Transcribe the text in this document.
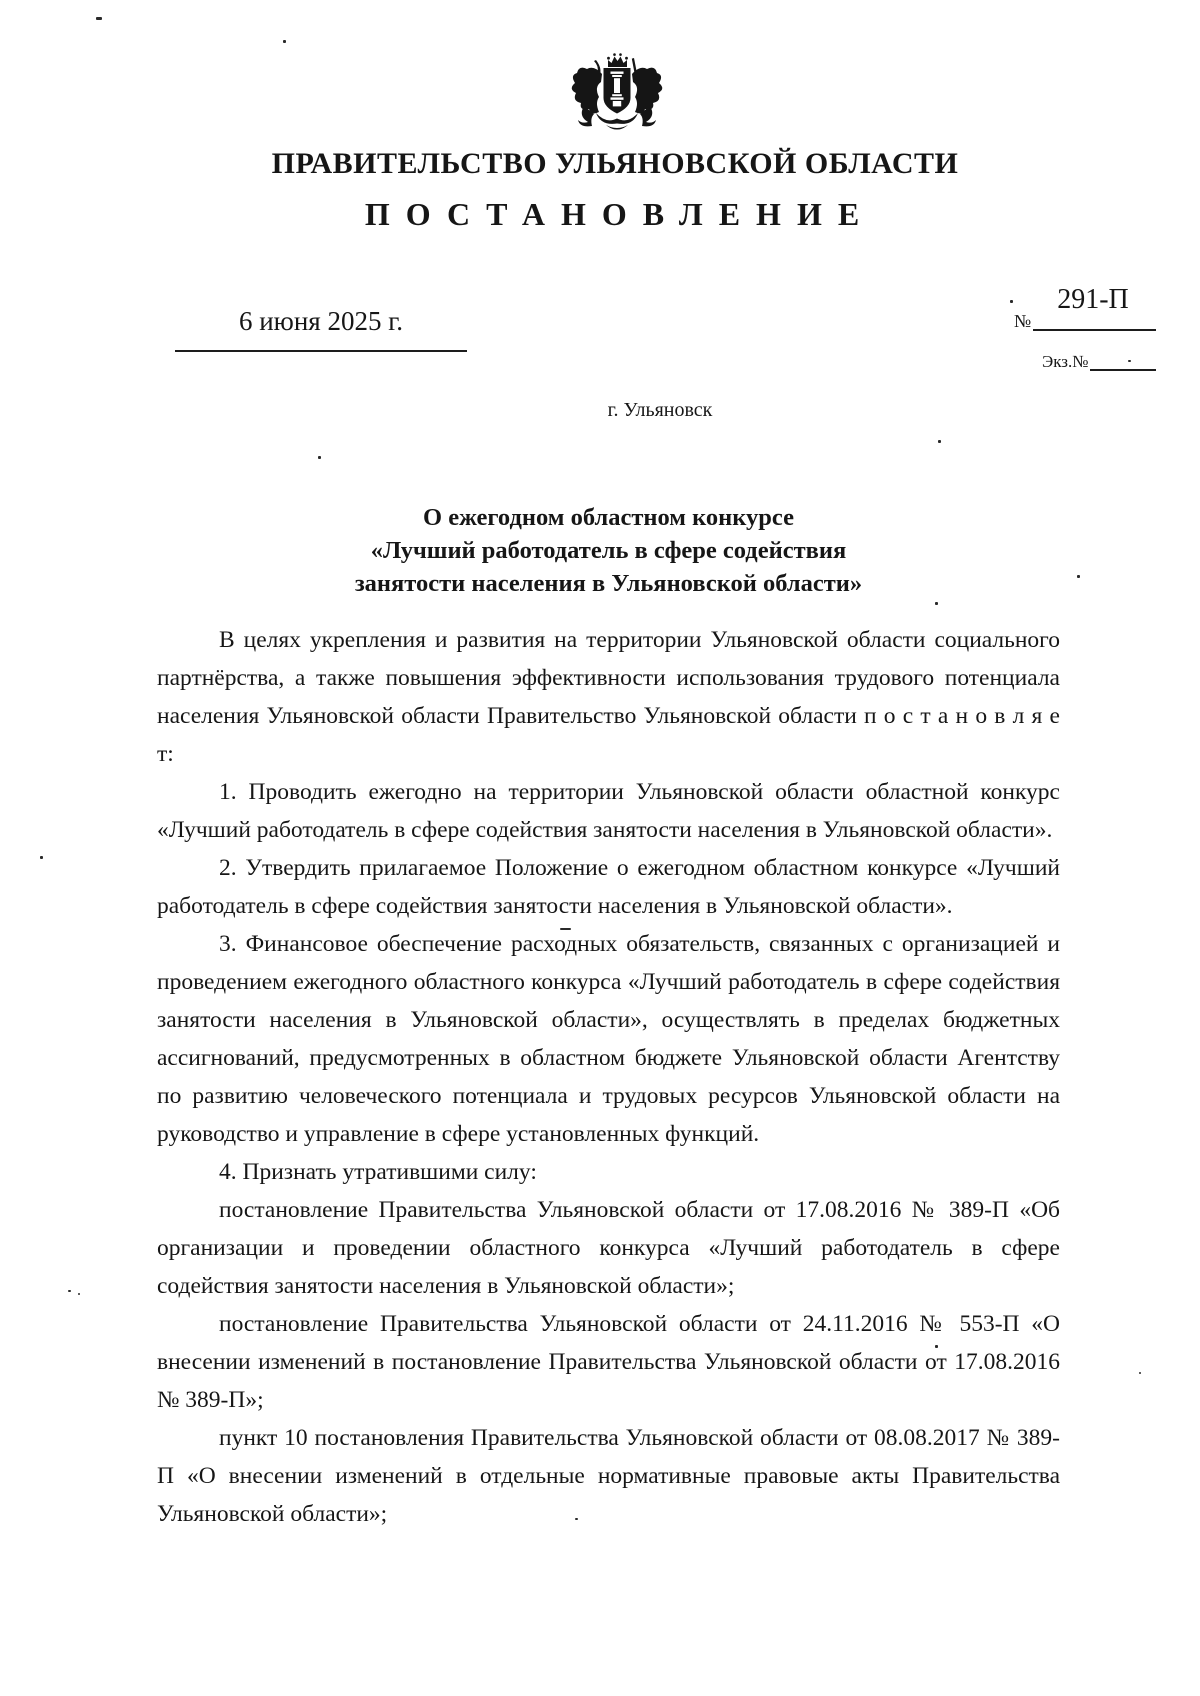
ПРАВИТЕЛЬСТВО УЛЬЯНОВСКОЙ ОБЛАСТИ
ПОСТАНОВЛЕНИЕ
6 июня 2025 г.
291-П
№
Экз.№
г. Ульяновск
О ежегодном областном конкурсе
«Лучший работодатель в сфере содействия
занятости населения в Ульяновской области»

В целях укрепления и развития на территории Ульяновской области социального партнёрства, а также повышения эффективности использования трудового потенциала населения Ульяновской области Правительство Ульяновской области п о с т а н о в л я е т:

1. Проводить ежегодно на территории Ульяновской области областной конкурс «Лучший работодатель в сфере содействия занятости населения в Ульяновской области».

2. Утвердить прилагаемое Положение о ежегодном областном конкурсе «Лучший работодатель в сфере содействия занятости населения в Ульяновской области».

3. Финансовое обеспечение расходных обязательств, связанных с организацией и проведением ежегодного областного конкурса «Лучший работодатель в сфере содействия занятости населения в Ульяновской области», осуществлять в пределах бюджетных ассигнований, предусмотренных в областном бюджете Ульяновской области Агентству по развитию человеческого потенциала и трудовых ресурсов Ульяновской области на руководство и управление в сфере установленных функций.

4. Признать утратившими силу:

постановление Правительства Ульяновской области от 17.08.2016 № 389-П «Об организации и проведении областного конкурса «Лучший работодатель в сфере содействия занятости населения в Ульяновской области»;

постановление Правительства Ульяновской области от 24.11.2016 № 553-П «О внесении изменений в постановление Правительства Ульяновской области от 17.08.2016 № 389-П»;

пункт 10 постановления Правительства Ульяновской области от 08.08.2017 № 389-П «О внесении изменений в отдельные нормативные правовые акты Правительства Ульяновской области»;
